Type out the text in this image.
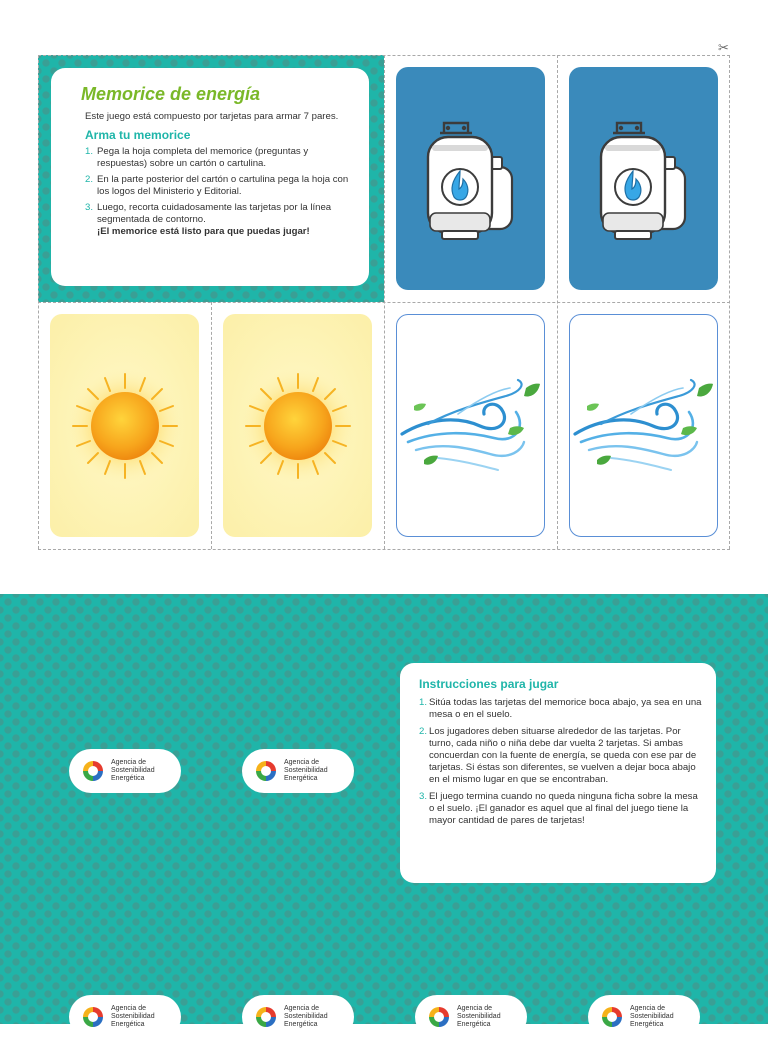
✂
Memorice de energía
Este juego está compuesto por tarjetas para armar 7 pares.
Arma tu memorice
1. Pega la hoja completa del memorice (preguntas y respuestas) sobre un cartón o cartulina.
2. En la parte posterior del cartón o cartulina pega la hoja con los logos del Ministerio y Editorial.
3. Luego, recorta cuidadosamente las tarjetas por la línea segmentada de contorno.
¡El memorice está listo para que puedas jugar!
Agencia de
Sostenibilidad
Energética
Agencia de
Sostenibilidad
Energética
Instrucciones para jugar
1. Sitúa todas las tarjetas del memorice boca abajo, ya sea en una mesa o en el suelo.
2. Los jugadores deben situarse alrededor de las tarjetas. Por turno, cada niño o niña debe dar vuelta 2 tarjetas. Si ambas concuerdan con la fuente de energía, se queda con ese par de tarjetas. Si éstas son diferentes, se vuelven a dejar boca abajo en el mismo lugar en que se encontraban.
3. El juego termina cuando no queda ninguna ficha sobre la mesa o el suelo. ¡El ganador es aquel que al final del juego tiene la mayor cantidad de pares de tarjetas!
Agencia de
Sostenibilidad
Energética
Agencia de
Sostenibilidad
Energética
Agencia de
Sostenibilidad
Energética
Agencia de
Sostenibilidad
Energética
